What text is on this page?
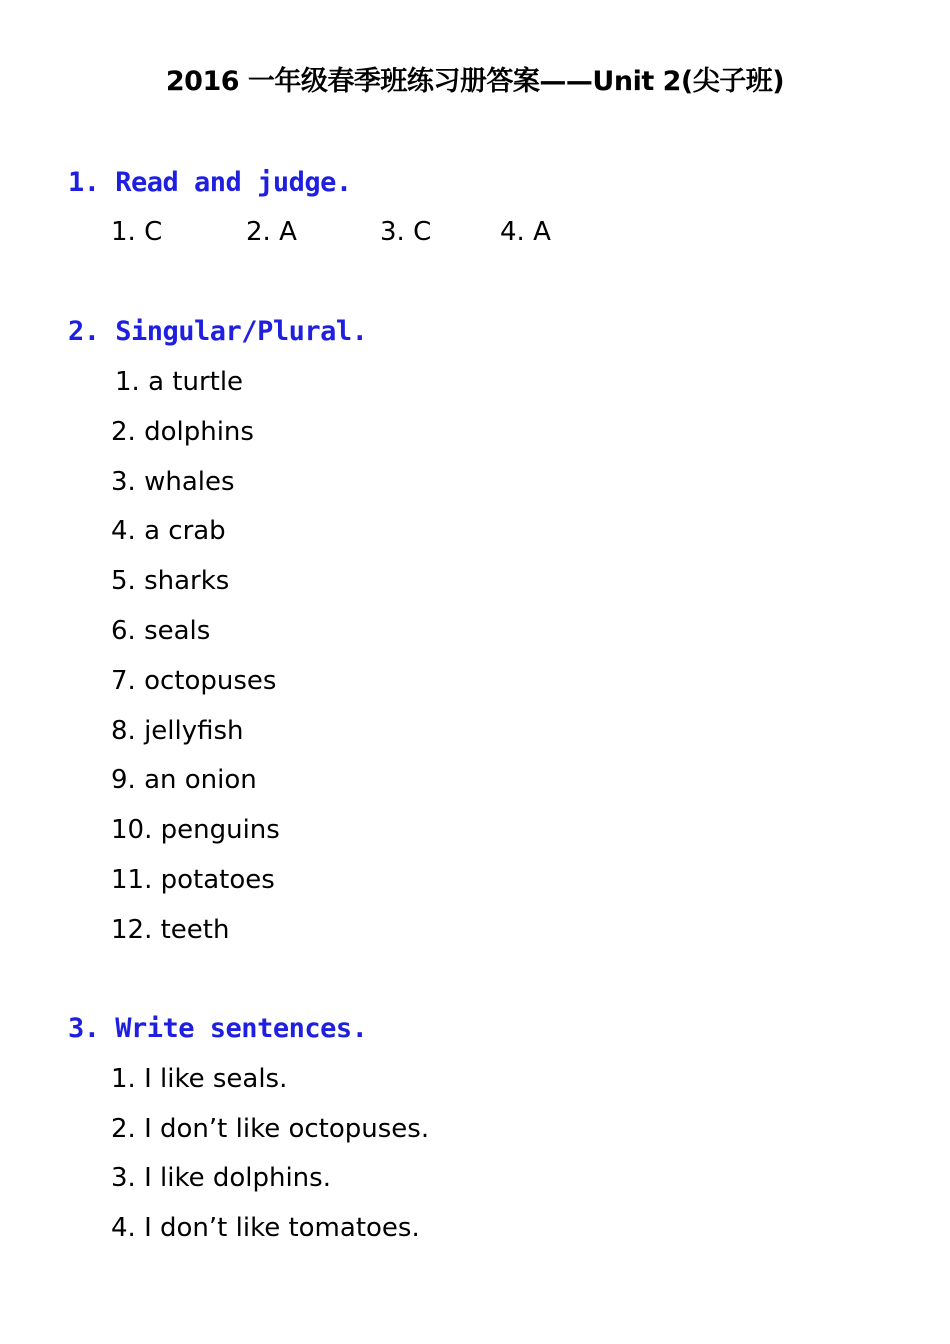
2016 一年级春季班练习册答案——Unit 2(尖子班)
1. Read and judge.
1. C	2. A	3. C	4. A
2. Singular/Plural.
1. a turtle
2. dolphins
3. whales
4. a crab
5. sharks
6. seals
7. octopuses
8. jellyfish
9. an onion
10. penguins
11. potatoes
12. teeth
3. Write sentences.
1. I like seals.
2. I don’t like octopuses.
3. I like dolphins.
4. I don’t like tomatoes.
